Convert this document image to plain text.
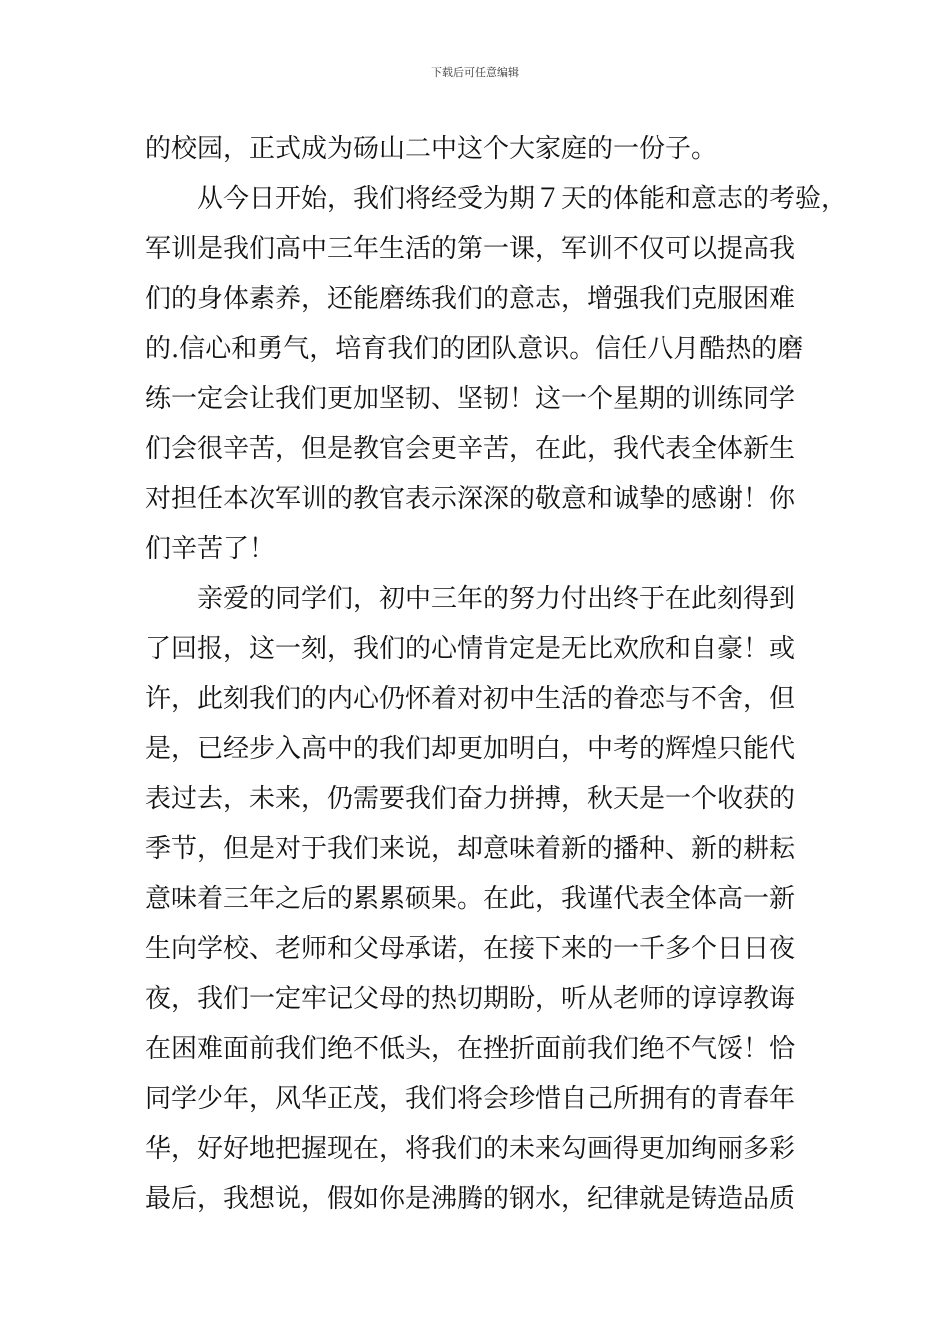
下载后可任意编辑
的校园，正式成为砀山二中这个大家庭的一份子。
从今日开始，我们将经受为期７天的体能和意志的考验，
军训是我们高中三年生活的第一课，军训不仅可以提高我
们的身体素养，还能磨练我们的意志，增强我们克服困难
的.信心和勇气，培育我们的团队意识。信任八月酷热的磨
练一定会让我们更加坚韧、坚韧！这一个星期的训练同学
们会很辛苦，但是教官会更辛苦，在此，我代表全体新生
对担任本次军训的教官表示深深的敬意和诚挚的感谢！你
们辛苦了！
亲爱的同学们，初中三年的努力付出终于在此刻得到
了回报，这一刻，我们的心情肯定是无比欢欣和自豪！或
许，此刻我们的内心仍怀着对初中生活的眷恋与不舍，但
是，已经步入高中的我们却更加明白，中考的辉煌只能代
表过去，未来，仍需要我们奋力拼搏，秋天是一个收获的
季节，但是对于我们来说，却意味着新的播种、新的耕耘
意味着三年之后的累累硕果。在此，我谨代表全体高一新
生向学校、老师和父母承诺，在接下来的一千多个日日夜
夜，我们一定牢记父母的热切期盼，听从老师的谆谆教诲
在困难面前我们绝不低头，在挫折面前我们绝不气馁！恰
同学少年，风华正茂，我们将会珍惜自己所拥有的青春年
华，好好地把握现在，将我们的未来勾画得更加绚丽多彩
最后，我想说，假如你是沸腾的钢水，纪律就是铸造品质
